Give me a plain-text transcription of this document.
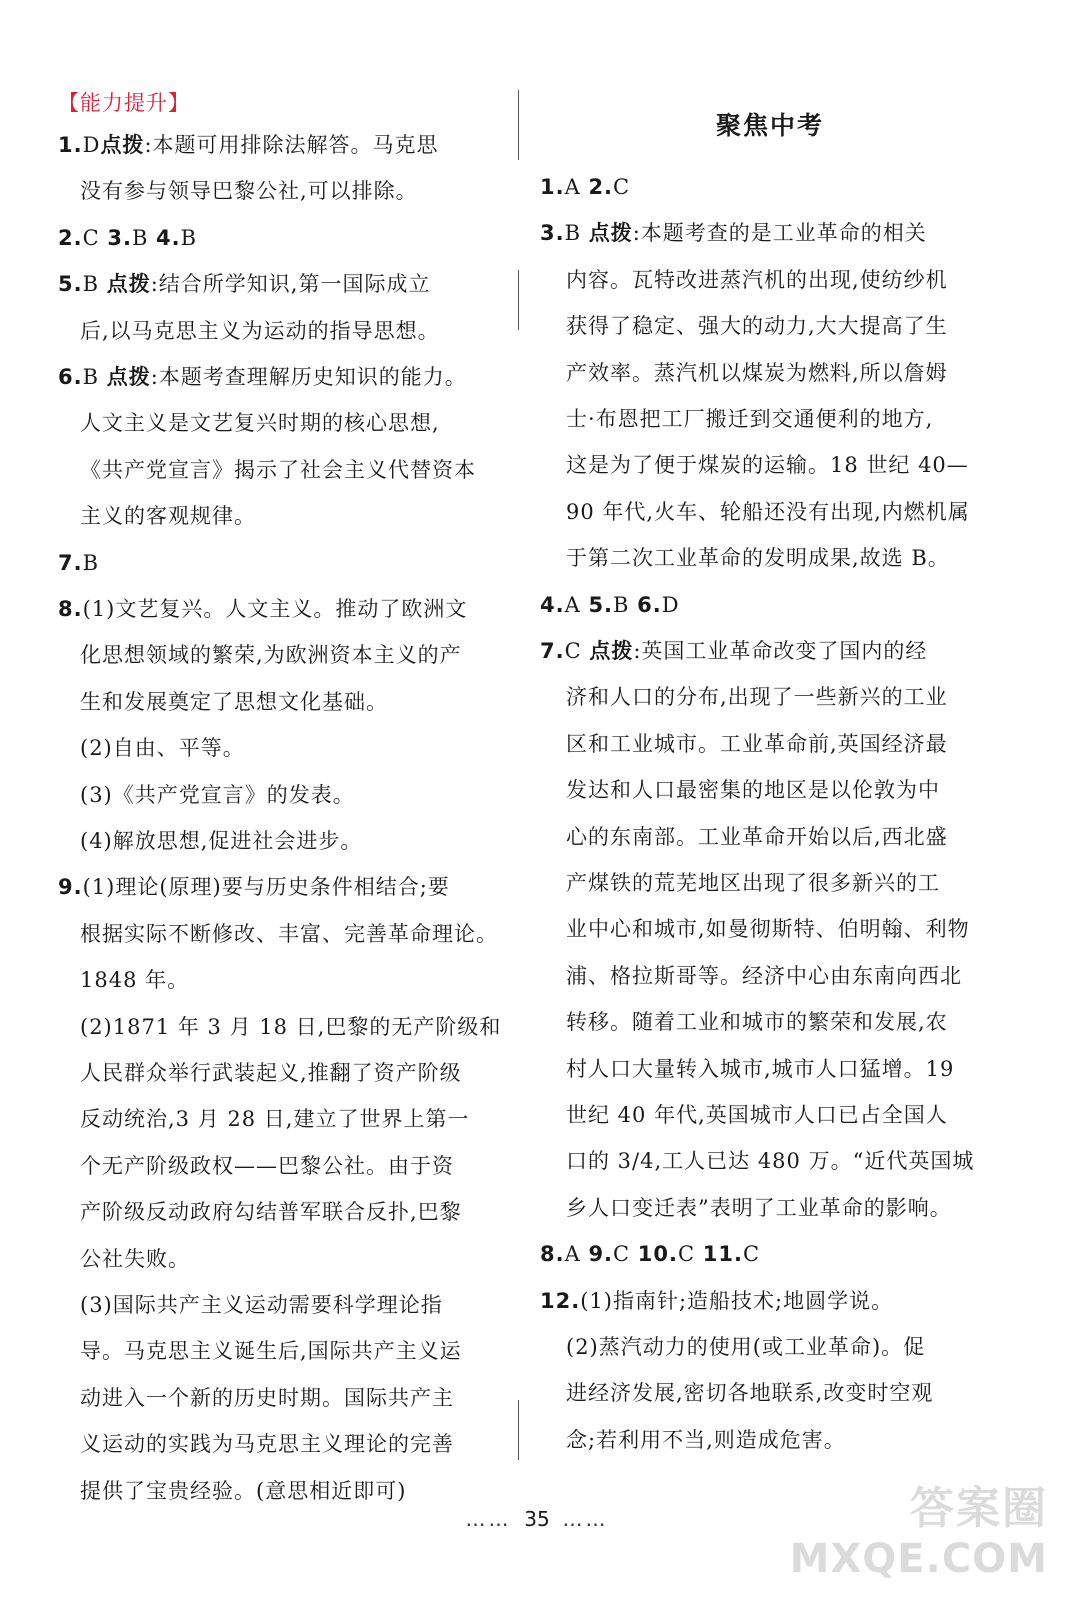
【能力提升】
1.D点拨:本题可用排除法解答。马克思
没有参与领导巴黎公社,可以排除。
2.C 3.B 4.B
5.B 点拨:结合所学知识,第一国际成立
后,以马克思主义为运动的指导思想。
6.B 点拨:本题考查理解历史知识的能力。
人文主义是文艺复兴时期的核心思想,
《共产党宣言》揭示了社会主义代替资本
主义的客观规律。
7.B
8.(1)文艺复兴。人文主义。推动了欧洲文
化思想领域的繁荣,为欧洲资本主义的产
生和发展奠定了思想文化基础。
(2)自由、平等。
(3)《共产党宣言》的发表。
(4)解放思想,促进社会进步。
9.(1)理论(原理)要与历史条件相结合;要
根据实际不断修改、丰富、完善革命理论。
1848 年。
(2)1871 年 3 月 18 日,巴黎的无产阶级和
人民群众举行武装起义,推翻了资产阶级
反动统治,3 月 28 日,建立了世界上第一
个无产阶级政权——巴黎公社。由于资
产阶级反动政府勾结普军联合反扑,巴黎
公社失败。
(3)国际共产主义运动需要科学理论指
导。马克思主义诞生后,国际共产主义运
动进入一个新的历史时期。国际共产主
义运动的实践为马克思主义理论的完善
提供了宝贵经验。(意思相近即可)
聚焦中考
1.A 2.C
3.B 点拨:本题考查的是工业革命的相关
内容。瓦特改进蒸汽机的出现,使纺纱机
获得了稳定、强大的动力,大大提高了生
产效率。蒸汽机以煤炭为燃料,所以詹姆
士·布恩把工厂搬迁到交通便利的地方,
这是为了便于煤炭的运输。18 世纪 40—
90 年代,火车、轮船还没有出现,内燃机属
于第二次工业革命的发明成果,故选 B。
4.A 5.B 6.D
7.C 点拨:英国工业革命改变了国内的经
济和人口的分布,出现了一些新兴的工业
区和工业城市。工业革命前,英国经济最
发达和人口最密集的地区是以伦敦为中
心的东南部。工业革命开始以后,西北盛
产煤铁的荒芜地区出现了很多新兴的工
业中心和城市,如曼彻斯特、伯明翰、利物
浦、格拉斯哥等。经济中心由东南向西北
转移。随着工业和城市的繁荣和发展,农
村人口大量转入城市,城市人口猛增。19
世纪 40 年代,英国城市人口已占全国人
口的 3/4,工人已达 480 万。“近代英国城
乡人口变迁表”表明了工业革命的影响。
8.A 9.C 10.C 11.C
12.(1)指南针;造船技术;地圆学说。
(2)蒸汽动力的使用(或工业革命)。促
进经济发展,密切各地联系,改变时空观
念;若利用不当,则造成危害。
…… 35 ……	答案圈
MXQE.COM
